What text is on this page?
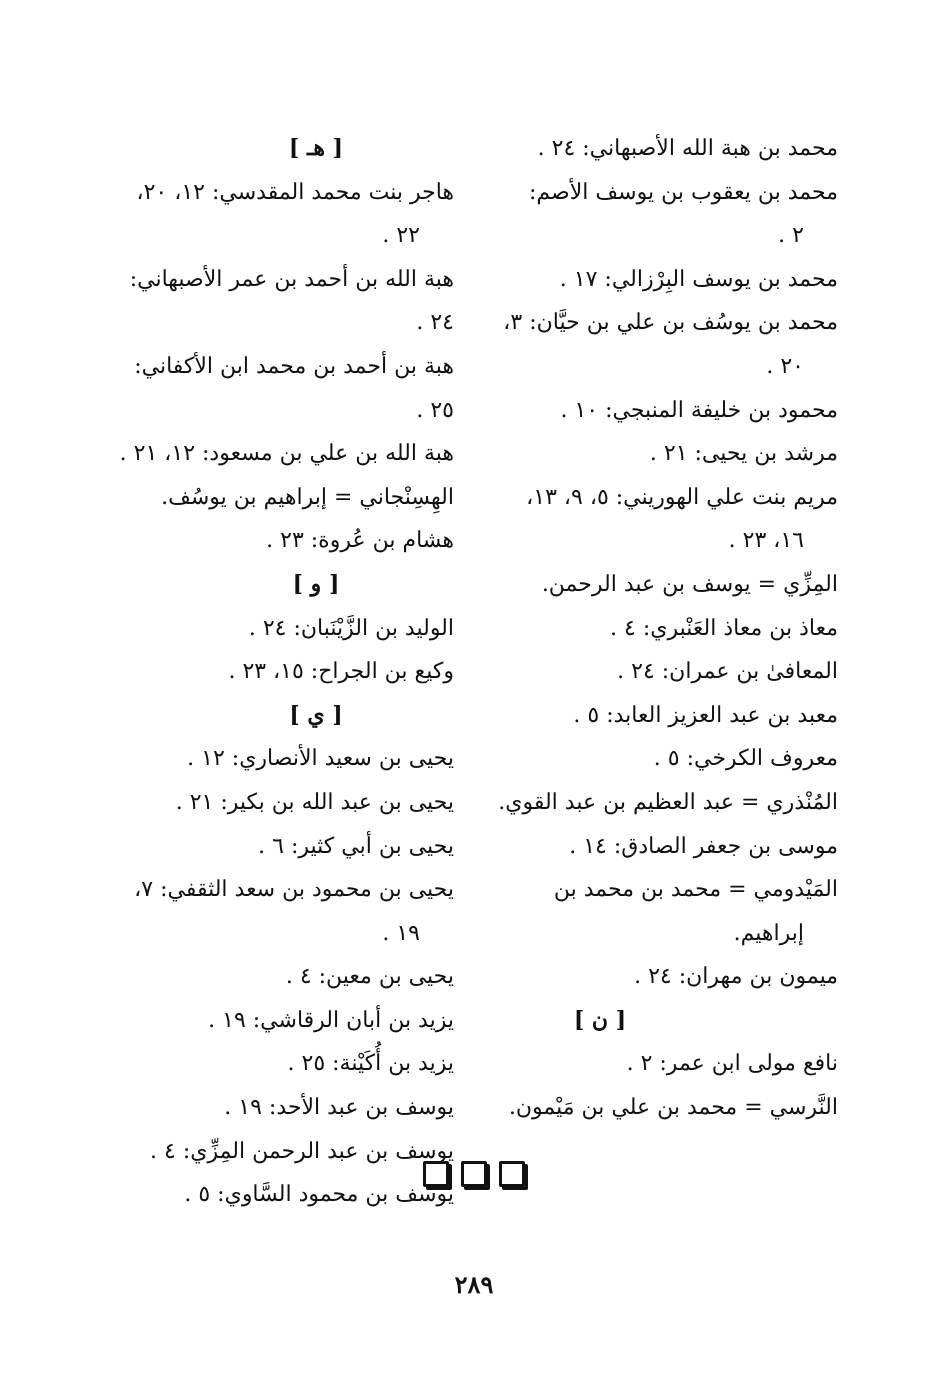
محمد بن هبة الله الأصبهاني: ٢٤ .
محمد بن يعقوب بن يوسف الأصم:
٢ .
محمد بن يوسف البِرْزالي: ١٧ .
محمد بن يوسُف بن علي بن حيَّان: ٣،
٢٠ .
محمود بن خليفة المنبجي: ١٠ .
مرشد بن يحيى: ٢١ .
مريم بنت علي الهوريني: ٥، ٩، ١٣،
١٦، ٢٣ .
المِزِّي = يوسف بن عبد الرحمن.
معاذ بن معاذ العَنْبري: ٤ .
المعافىٰ بن عمران: ٢٤ .
معبد بن عبد العزيز العابد: ٥ .
معروف الكرخي: ٥ .
المُنْذري = عبد العظيم بن عبد القوي.
موسى بن جعفر الصادق: ١٤ .
المَيْدومي = محمد بن محمد بن
إبراهيم.
ميمون بن مهران: ٢٤ .
[ ن ]
نافع مولى ابن عمر: ٢ .
النَّرسي = محمد بن علي بن مَيْمون.
[ هـ ]
هاجر بنت محمد المقدسي: ١٢، ٢٠،
٢٢ .
هبة الله بن أحمد بن عمر الأصبهاني: ٢٤ .
هبة بن أحمد بن محمد ابن الأكفاني: ٢٥ .
هبة الله بن علي بن مسعود: ١٢، ٢١ .
الهِسِنْجاني = إبراهيم بن يوسُف.
هشام بن عُروة: ٢٣ .
[ و ]
الوليد بن الزَّيْنَبان: ٢٤ .
وكيع بن الجراح: ١٥، ٢٣ .
[ ي ]
يحيى بن سعيد الأنصاري: ١٢ .
يحيى بن عبد الله بن بكير: ٢١ .
يحيى بن أبي كثير: ٦ .
يحيى بن محمود بن سعد الثقفي: ٧،
١٩ .
يحيى بن معين: ٤ .
يزيد بن أبان الرقاشي: ١٩ .
يزيد بن أُكَيْنة: ٢٥ .
يوسف بن عبد الأحد: ١٩ .
يوسف بن عبد الرحمن المِزِّي: ٤ .
يوسف بن محمود السَّاوي: ٥ .
٢٨٩
